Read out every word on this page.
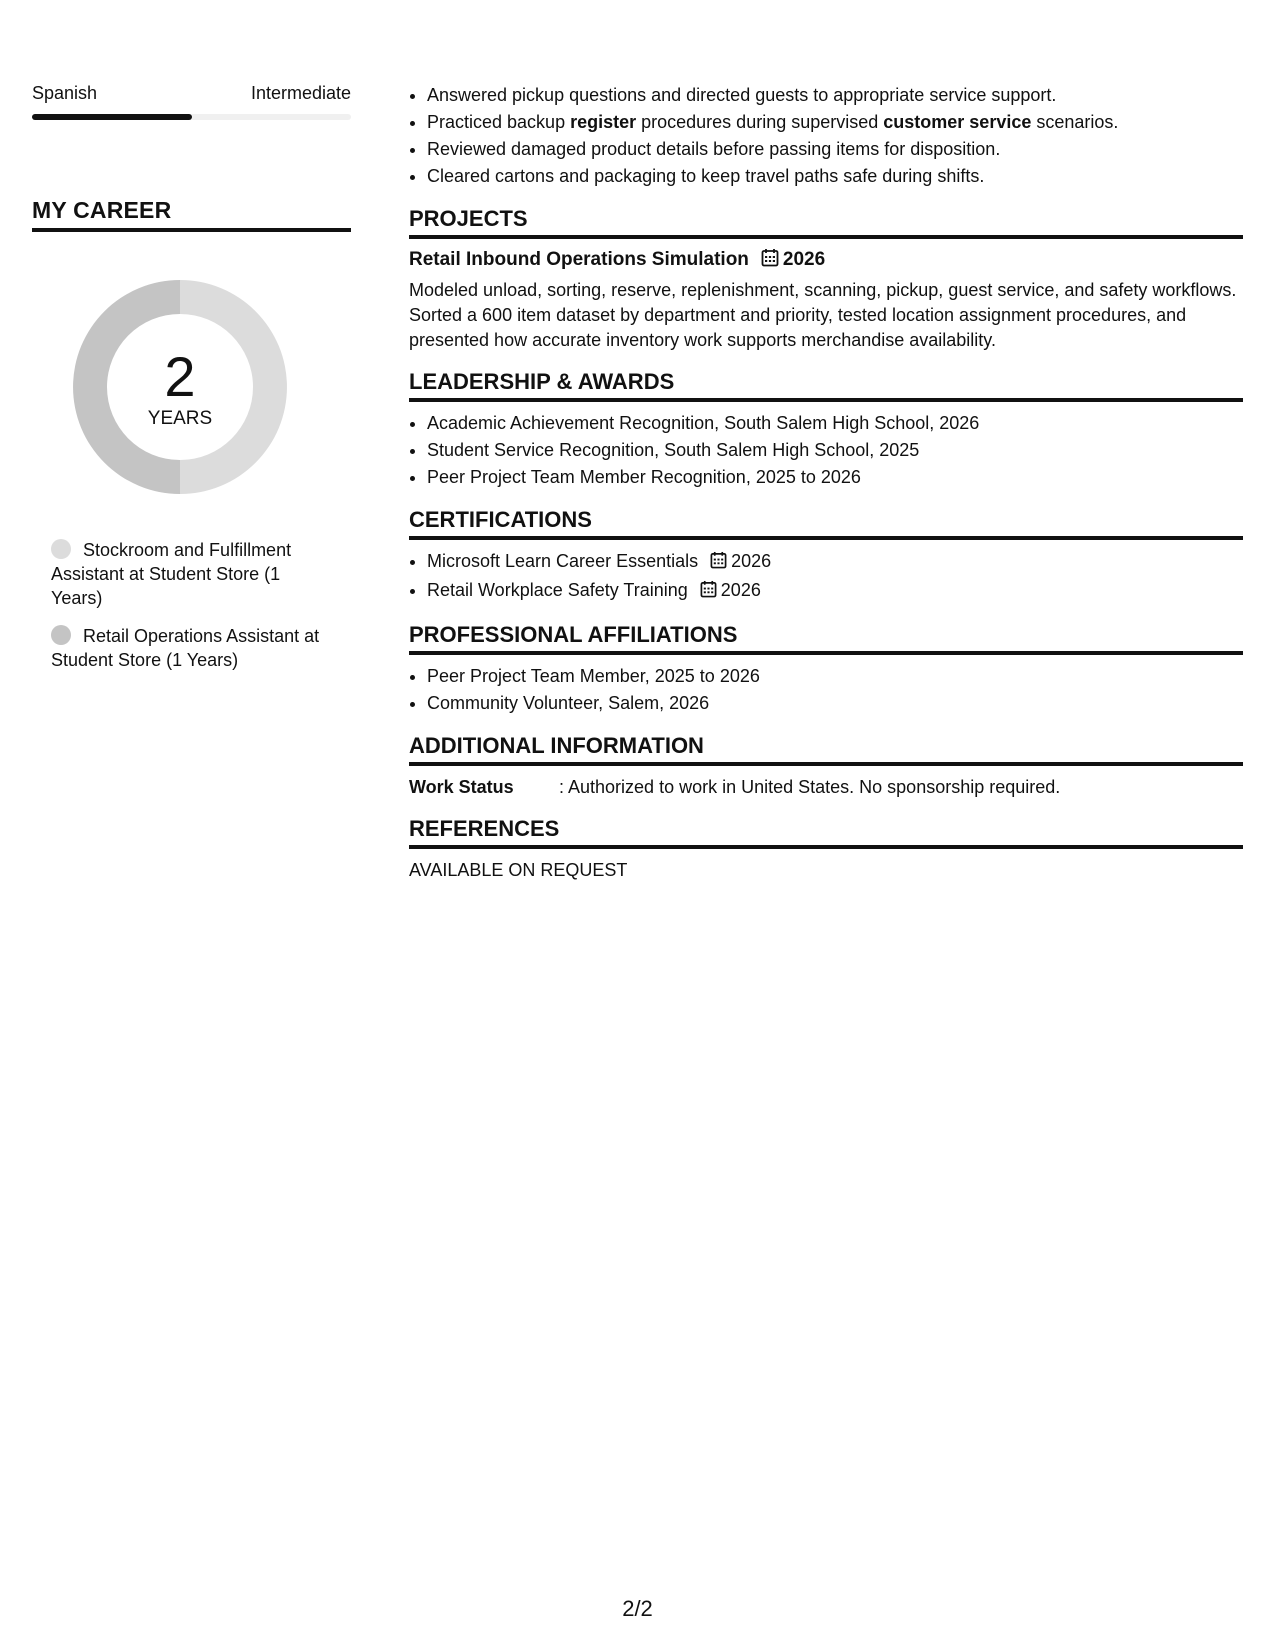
Spanish	Intermediate
MY CAREER
2
YEARS
Stockroom and Fulfillment Assistant at Student Store (1 Years)
Retail Operations Assistant at Student Store (1 Years)
• Answered pickup questions and directed guests to appropriate service support.
• Practiced backup register procedures during supervised customer service scenarios.
• Reviewed damaged product details before passing items for disposition.
• Cleared cartons and packaging to keep travel paths safe during shifts.
PROJECTS
Retail Inbound Operations Simulation 2026
Modeled unload, sorting, reserve, replenishment, scanning, pickup, guest service, and safety workflows. Sorted a 600 item dataset by department and priority, tested location assignment procedures, and presented how accurate inventory work supports merchandise availability.
LEADERSHIP & AWARDS
• Academic Achievement Recognition, South Salem High School, 2026
• Student Service Recognition, South Salem High School, 2025
• Peer Project Team Member Recognition, 2025 to 2026
CERTIFICATIONS
• Microsoft Learn Career Essentials 2026
• Retail Workplace Safety Training 2026
PROFESSIONAL AFFILIATIONS
• Peer Project Team Member, 2025 to 2026
• Community Volunteer, Salem, 2026
ADDITIONAL INFORMATION
Work Status	: Authorized to work in United States. No sponsorship required.
REFERENCES
AVAILABLE ON REQUEST
2/2
